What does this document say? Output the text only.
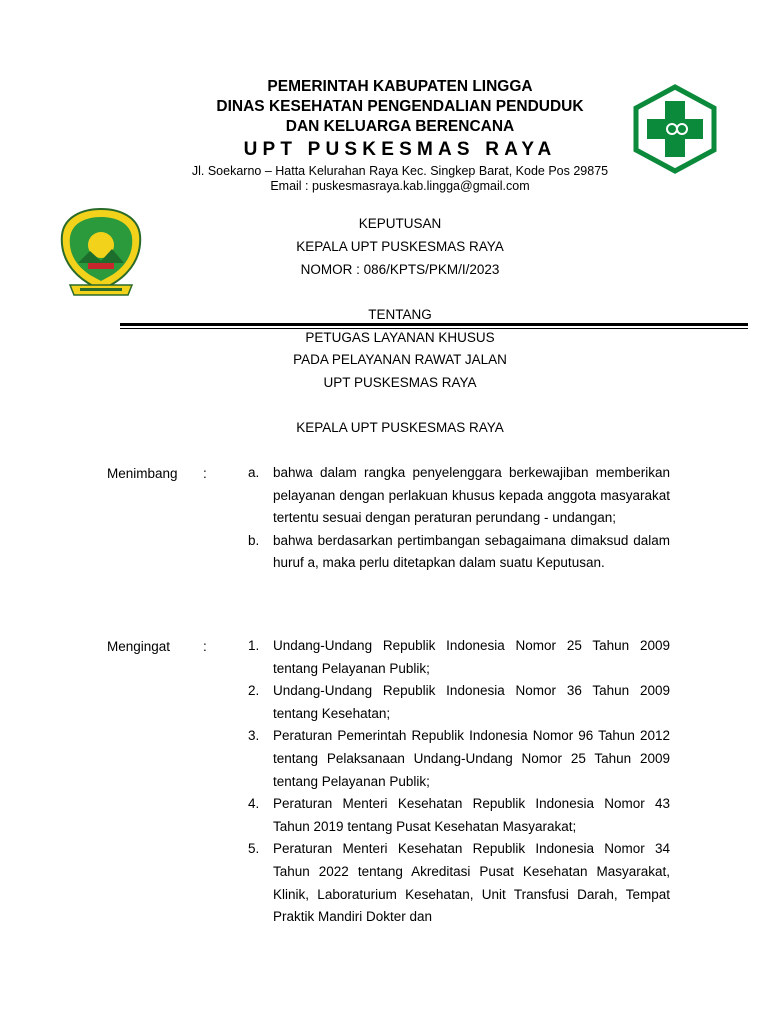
PEMERINTAH KABUPATEN LINGGA
DINAS KESEHATAN PENGENDALIAN PENDUDUK
DAN KELUARGA BERENCANA
UPT PUSKESMAS RAYA
Jl. Soekarno – Hatta Kelurahan Raya Kec. Singkep Barat, Kode Pos 29875
Email : puskesmasraya.kab.lingga@gmail.com
KEPUTUSAN
KEPALA UPT PUSKESMAS RAYA
NOMOR : 086/KPTS/PKM/I/2023
TENTANG
PETUGAS LAYANAN KHUSUS
PADA PELAYANAN RAWAT JALAN
UPT PUSKESMAS RAYA
KEPALA UPT PUSKESMAS RAYA
Menimbang :	a. bahwa dalam rangka penyelenggara berkewajiban memberikan pelayanan dengan perlakuan khusus kepada anggota masyarakat tertentu sesuai dengan peraturan perundang - undangan;
b. bahwa berdasarkan pertimbangan sebagaimana dimaksud dalam huruf a, maka perlu ditetapkan dalam suatu Keputusan.
Mengingat :	1. Undang-Undang Republik Indonesia Nomor 25 Tahun 2009 tentang Pelayanan Publik;
2. Undang-Undang Republik Indonesia Nomor 36 Tahun 2009 tentang Kesehatan;
3. Peraturan Pemerintah Republik Indonesia Nomor 96 Tahun 2012 tentang Pelaksanaan Undang-Undang Nomor 25 Tahun 2009 tentang Pelayanan Publik;
4. Peraturan Menteri Kesehatan Republik Indonesia Nomor 43 Tahun 2019 tentang Pusat Kesehatan Masyarakat;
5. Peraturan Menteri Kesehatan Republik Indonesia Nomor 34 Tahun 2022 tentang Akreditasi Pusat Kesehatan Masyarakat, Klinik, Laboraturium Kesehatan, Unit Transfusi Darah, Tempat Praktik Mandiri Dokter dan
